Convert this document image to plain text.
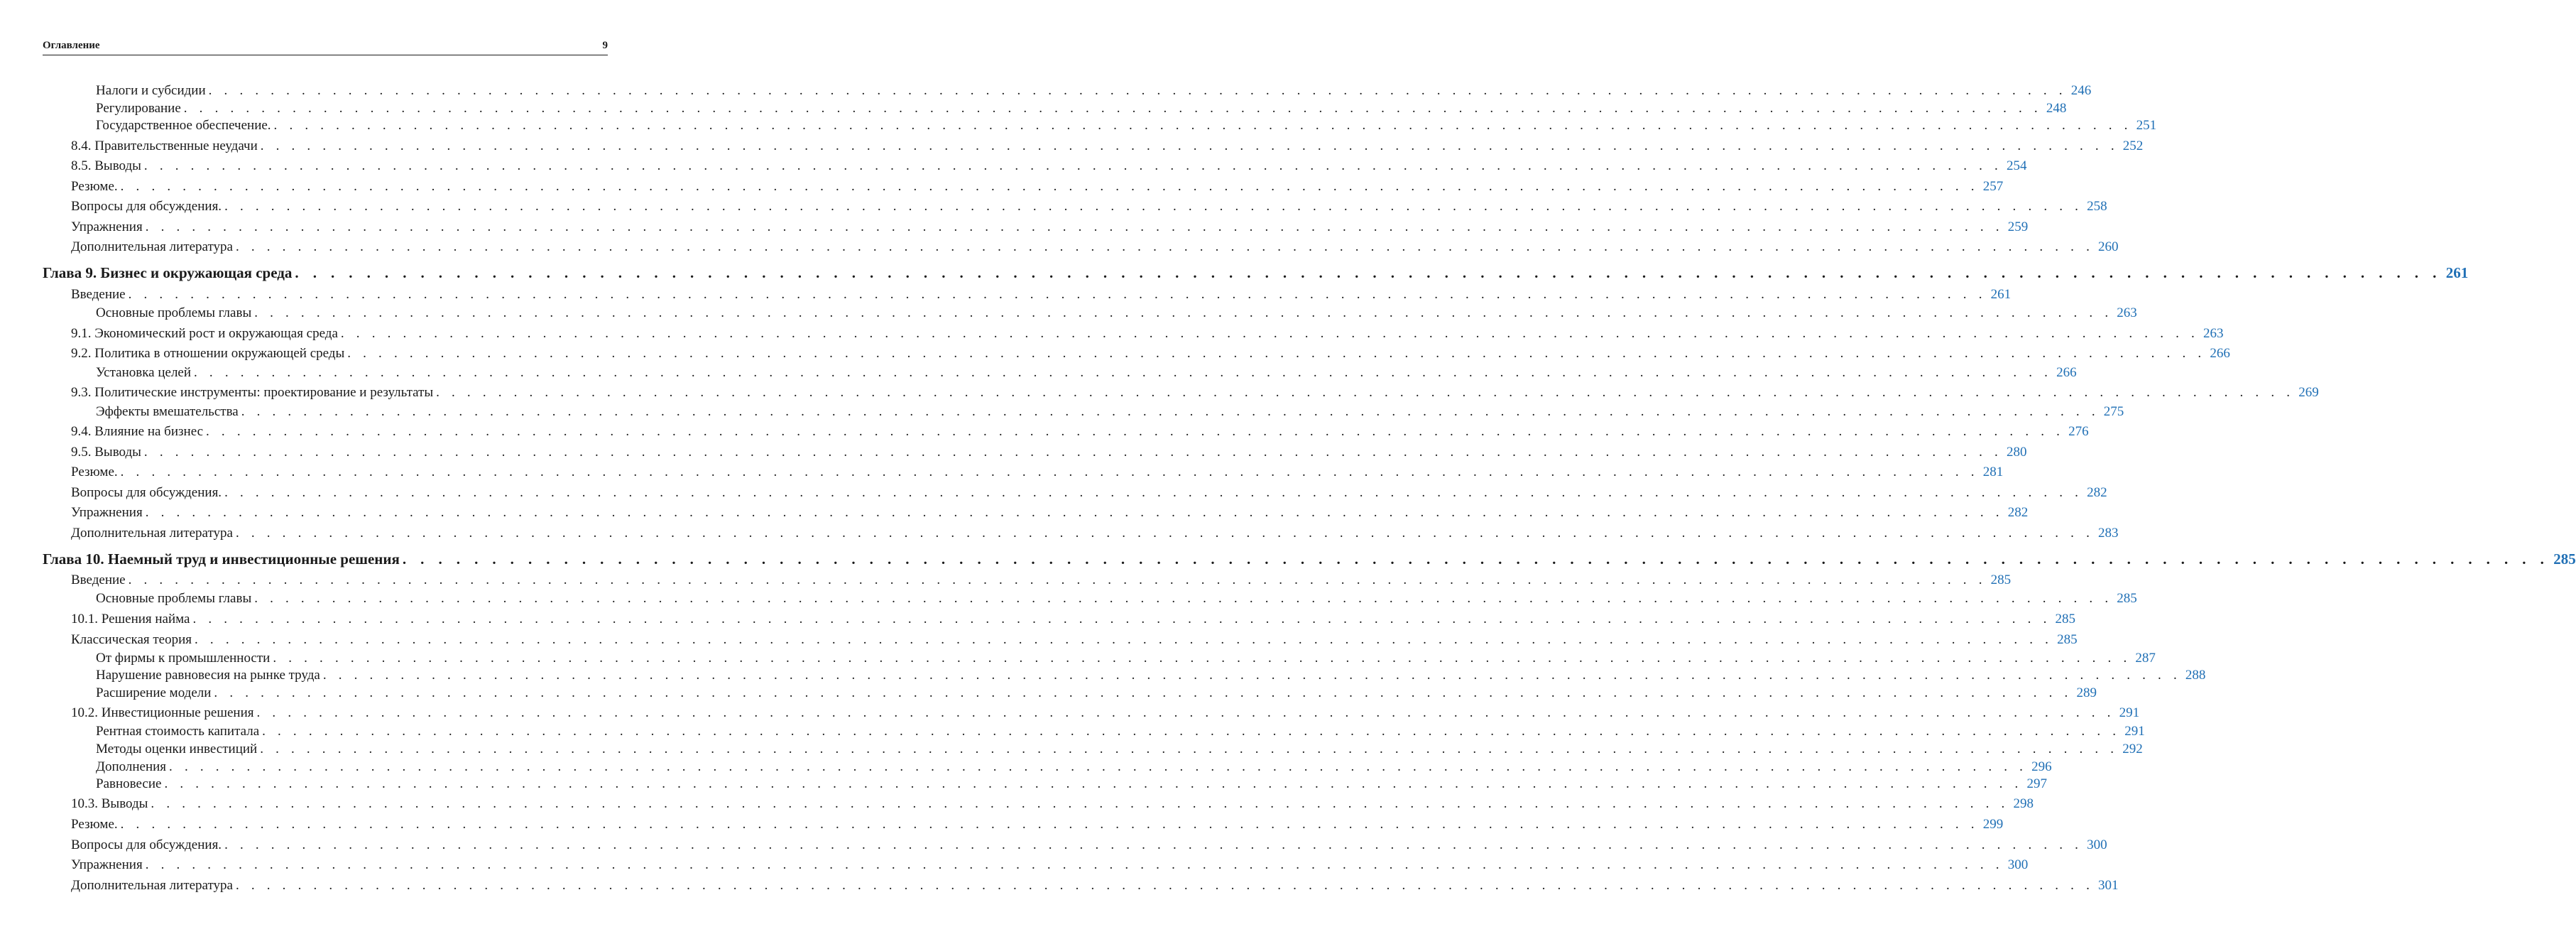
Оглавление	9
Налоги и субсидии . . . . . . . . . . . . . . . . . . . . . . . . . . . . . . . . . . . . . . . . . . . . . . . . . . . . . . . . . . . . . . . . . . . . . . . . . . . . . . . . . . . . . . . . . . . . . . . . . . . . . . . . . . . . . . . . . . . . . . . . 246
Регулирование . . . . . . . . . . . . . . . . . . . . . . . . . . . . . . . . . . . . . . . . . . . . . . . . . . . . . . . . . . . . . . . . . . . . . . . . . . . . . . . . . . . . . . . . . . . . . . . . . . . . . . . . . . . . . . . . . . . . . . . . 248
Государственное обеспечение. . . . . . . . . . . . . . . . . . . . . . . . . . . . . . . . . . . . . . . . . . . . . . . . . . . . . . . . . . . . . . . . . . . . . . . . . . . . . . . . . . . . . . . . . . . . . . . . . . . . . . . . . . . . . . . . . . . . . . . . . 251
8.4. Правительственные неудачи . . . . . . . . . . . . . . . . . . . . . . . . . . . . . . . . . . . . . . . . . . . . . . . . . . . . . . . . . . . . . . . . . . . . . . . . . . . . . . . . . . . . . . . . . . . . . . . . . . . . . . . . . . . . . . . . . . . . . . . . 252
8.5. Выводы . . . . . . . . . . . . . . . . . . . . . . . . . . . . . . . . . . . . . . . . . . . . . . . . . . . . . . . . . . . . . . . . . . . . . . . . . . . . . . . . . . . . . . . . . . . . . . . . . . . . . . . . . . . . . . . . . . . . . . . . 254
Резюме. . . . . . . . . . . . . . . . . . . . . . . . . . . . . . . . . . . . . . . . . . . . . . . . . . . . . . . . . . . . . . . . . . . . . . . . . . . . . . . . . . . . . . . . . . . . . . . . . . . . . . . . . . . . . . . . . . . . . . . . . 257
Вопросы для обсуждения. . . . . . . . . . . . . . . . . . . . . . . . . . . . . . . . . . . . . . . . . . . . . . . . . . . . . . . . . . . . . . . . . . . . . . . . . . . . . . . . . . . . . . . . . . . . . . . . . . . . . . . . . . . . . . . . . . . . . . . . . 258
Упражнения . . . . . . . . . . . . . . . . . . . . . . . . . . . . . . . . . . . . . . . . . . . . . . . . . . . . . . . . . . . . . . . . . . . . . . . . . . . . . . . . . . . . . . . . . . . . . . . . . . . . . . . . . . . . . . . . . . . . . . . . 259
Дополнительная литература . . . . . . . . . . . . . . . . . . . . . . . . . . . . . . . . . . . . . . . . . . . . . . . . . . . . . . . . . . . . . . . . . . . . . . . . . . . . . . . . . . . . . . . . . . . . . . . . . . . . . . . . . . . . . . . . . . . . . . . . 260
Глава 9. Бизнес и окружающая среда . . . . . . . . . . . . . . . . . . . . . . . . . . . . . . . . . . . . . . . . . . . . . . . . . . . . . . . . . . . . . . . . . . . . . . . . . . . . . . . . . . . . . . . . . . . . . . . . . . . . . . . . . . . . . . . . . . . . . . . . 261
Введение . . . . . . . . . . . . . . . . . . . . . . . . . . . . . . . . . . . . . . . . . . . . . . . . . . . . . . . . . . . . . . . . . . . . . . . . . . . . . . . . . . . . . . . . . . . . . . . . . . . . . . . . . . . . . . . . . . . . . . . . 261
Основные проблемы главы . . . . . . . . . . . . . . . . . . . . . . . . . . . . . . . . . . . . . . . . . . . . . . . . . . . . . . . . . . . . . . . . . . . . . . . . . . . . . . . . . . . . . . . . . . . . . . . . . . . . . . . . . . . . . . . . . . . . . . . . 263
9.1. Экономический рост и окружающая среда . . . . . . . . . . . . . . . . . . . . . . . . . . . . . . . . . . . . . . . . . . . . . . . . . . . . . . . . . . . . . . . . . . . . . . . . . . . . . . . . . . . . . . . . . . . . . . . . . . . . . . . . . . . . . . . . . . . . . . . . 263
9.2. Политика в отношении окружающей среды . . . . . . . . . . . . . . . . . . . . . . . . . . . . . . . . . . . . . . . . . . . . . . . . . . . . . . . . . . . . . . . . . . . . . . . . . . . . . . . . . . . . . . . . . . . . . . . . . . . . . . . . . . . . . . . . . . . . . . . . 266
Установка целей . . . . . . . . . . . . . . . . . . . . . . . . . . . . . . . . . . . . . . . . . . . . . . . . . . . . . . . . . . . . . . . . . . . . . . . . . . . . . . . . . . . . . . . . . . . . . . . . . . . . . . . . . . . . . . . . . . . . . . . . 266
9.3. Политические инструменты: проектирование и результаты . . . . . . . . . . . . . . . . . . . . . . . . . . . . . . . . . . . . . . . . . . . . . . . . . . . . . . . . . . . . . . . . . . . . . . . . . . . . . . . . . . . . . . . . . . . . . . . . . . . . . . . . . . . . . . . . . . . . . . . . 269
Эффекты вмешательства . . . . . . . . . . . . . . . . . . . . . . . . . . . . . . . . . . . . . . . . . . . . . . . . . . . . . . . . . . . . . . . . . . . . . . . . . . . . . . . . . . . . . . . . . . . . . . . . . . . . . . . . . . . . . . . . . . . . . . . . 275
9.4. Влияние на бизнес . . . . . . . . . . . . . . . . . . . . . . . . . . . . . . . . . . . . . . . . . . . . . . . . . . . . . . . . . . . . . . . . . . . . . . . . . . . . . . . . . . . . . . . . . . . . . . . . . . . . . . . . . . . . . . . . . . . . . . . . 276
9.5. Выводы . . . . . . . . . . . . . . . . . . . . . . . . . . . . . . . . . . . . . . . . . . . . . . . . . . . . . . . . . . . . . . . . . . . . . . . . . . . . . . . . . . . . . . . . . . . . . . . . . . . . . . . . . . . . . . . . . . . . . . . . 280
Резюме. . . . . . . . . . . . . . . . . . . . . . . . . . . . . . . . . . . . . . . . . . . . . . . . . . . . . . . . . . . . . . . . . . . . . . . . . . . . . . . . . . . . . . . . . . . . . . . . . . . . . . . . . . . . . . . . . . . . . . . . . 281
Вопросы для обсуждения. . . . . . . . . . . . . . . . . . . . . . . . . . . . . . . . . . . . . . . . . . . . . . . . . . . . . . . . . . . . . . . . . . . . . . . . . . . . . . . . . . . . . . . . . . . . . . . . . . . . . . . . . . . . . . . . . . . . . . . . . 282
Упражнения . . . . . . . . . . . . . . . . . . . . . . . . . . . . . . . . . . . . . . . . . . . . . . . . . . . . . . . . . . . . . . . . . . . . . . . . . . . . . . . . . . . . . . . . . . . . . . . . . . . . . . . . . . . . . . . . . . . . . . . . 282
Дополнительная литература . . . . . . . . . . . . . . . . . . . . . . . . . . . . . . . . . . . . . . . . . . . . . . . . . . . . . . . . . . . . . . . . . . . . . . . . . . . . . . . . . . . . . . . . . . . . . . . . . . . . . . . . . . . . . . . . . . . . . . . . 283
Глава 10. Наемный труд и инвестиционные решения . . . . . . . . . . . . . . . . . . . . . . . . . . . . . . . . . . . . . . . . . . . . . . . . . . . . . . . . . . . . . . . . . . . . . . . . . . . . . . . . . . . . . . . . . . . . . . . . . . . . . . . . . . . . . . . . . . . . . . . . 285
Введение . . . . . . . . . . . . . . . . . . . . . . . . . . . . . . . . . . . . . . . . . . . . . . . . . . . . . . . . . . . . . . . . . . . . . . . . . . . . . . . . . . . . . . . . . . . . . . . . . . . . . . . . . . . . . . . . . . . . . . . . 285
Основные проблемы главы . . . . . . . . . . . . . . . . . . . . . . . . . . . . . . . . . . . . . . . . . . . . . . . . . . . . . . . . . . . . . . . . . . . . . . . . . . . . . . . . . . . . . . . . . . . . . . . . . . . . . . . . . . . . . . . . . . . . . . . . 285
10.1. Решения найма . . . . . . . . . . . . . . . . . . . . . . . . . . . . . . . . . . . . . . . . . . . . . . . . . . . . . . . . . . . . . . . . . . . . . . . . . . . . . . . . . . . . . . . . . . . . . . . . . . . . . . . . . . . . . . . . . . . . . . . . 285
Классическая теория . . . . . . . . . . . . . . . . . . . . . . . . . . . . . . . . . . . . . . . . . . . . . . . . . . . . . . . . . . . . . . . . . . . . . . . . . . . . . . . . . . . . . . . . . . . . . . . . . . . . . . . . . . . . . . . . . . . . . . . . 285
От фирмы к промышленности . . . . . . . . . . . . . . . . . . . . . . . . . . . . . . . . . . . . . . . . . . . . . . . . . . . . . . . . . . . . . . . . . . . . . . . . . . . . . . . . . . . . . . . . . . . . . . . . . . . . . . . . . . . . . . . . . . . . . . . . 287
Нарушение равновесия на рынке труда . . . . . . . . . . . . . . . . . . . . . . . . . . . . . . . . . . . . . . . . . . . . . . . . . . . . . . . . . . . . . . . . . . . . . . . . . . . . . . . . . . . . . . . . . . . . . . . . . . . . . . . . . . . . . . . . . . . . . . . . 288
Расширение модели . . . . . . . . . . . . . . . . . . . . . . . . . . . . . . . . . . . . . . . . . . . . . . . . . . . . . . . . . . . . . . . . . . . . . . . . . . . . . . . . . . . . . . . . . . . . . . . . . . . . . . . . . . . . . . . . . . . . . . . . 289
10.2. Инвестиционные решения . . . . . . . . . . . . . . . . . . . . . . . . . . . . . . . . . . . . . . . . . . . . . . . . . . . . . . . . . . . . . . . . . . . . . . . . . . . . . . . . . . . . . . . . . . . . . . . . . . . . . . . . . . . . . . . . . . . . . . . . 291
Рентная стоимость капитала . . . . . . . . . . . . . . . . . . . . . . . . . . . . . . . . . . . . . . . . . . . . . . . . . . . . . . . . . . . . . . . . . . . . . . . . . . . . . . . . . . . . . . . . . . . . . . . . . . . . . . . . . . . . . . . . . . . . . . . . 291
Методы оценки инвестиций . . . . . . . . . . . . . . . . . . . . . . . . . . . . . . . . . . . . . . . . . . . . . . . . . . . . . . . . . . . . . . . . . . . . . . . . . . . . . . . . . . . . . . . . . . . . . . . . . . . . . . . . . . . . . . . . . . . . . . . . 292
Дополнения . . . . . . . . . . . . . . . . . . . . . . . . . . . . . . . . . . . . . . . . . . . . . . . . . . . . . . . . . . . . . . . . . . . . . . . . . . . . . . . . . . . . . . . . . . . . . . . . . . . . . . . . . . . . . . . . . . . . . . . . 296
Равновесие . . . . . . . . . . . . . . . . . . . . . . . . . . . . . . . . . . . . . . . . . . . . . . . . . . . . . . . . . . . . . . . . . . . . . . . . . . . . . . . . . . . . . . . . . . . . . . . . . . . . . . . . . . . . . . . . . . . . . . . . 297
10.3. Выводы . . . . . . . . . . . . . . . . . . . . . . . . . . . . . . . . . . . . . . . . . . . . . . . . . . . . . . . . . . . . . . . . . . . . . . . . . . . . . . . . . . . . . . . . . . . . . . . . . . . . . . . . . . . . . . . . . . . . . . . . 298
Резюме. . . . . . . . . . . . . . . . . . . . . . . . . . . . . . . . . . . . . . . . . . . . . . . . . . . . . . . . . . . . . . . . . . . . . . . . . . . . . . . . . . . . . . . . . . . . . . . . . . . . . . . . . . . . . . . . . . . . . . . . . 299
Вопросы для обсуждения. . . . . . . . . . . . . . . . . . . . . . . . . . . . . . . . . . . . . . . . . . . . . . . . . . . . . . . . . . . . . . . . . . . . . . . . . . . . . . . . . . . . . . . . . . . . . . . . . . . . . . . . . . . . . . . . . . . . . . . . . 300
Упражнения . . . . . . . . . . . . . . . . . . . . . . . . . . . . . . . . . . . . . . . . . . . . . . . . . . . . . . . . . . . . . . . . . . . . . . . . . . . . . . . . . . . . . . . . . . . . . . . . . . . . . . . . . . . . . . . . . . . . . . . . 300
Дополнительная литература . . . . . . . . . . . . . . . . . . . . . . . . . . . . . . . . . . . . . . . . . . . . . . . . . . . . . . . . . . . . . . . . . . . . . . . . . . . . . . . . . . . . . . . . . . . . . . . . . . . . . . . . . . . . . . . . . . . . . . . . 301
